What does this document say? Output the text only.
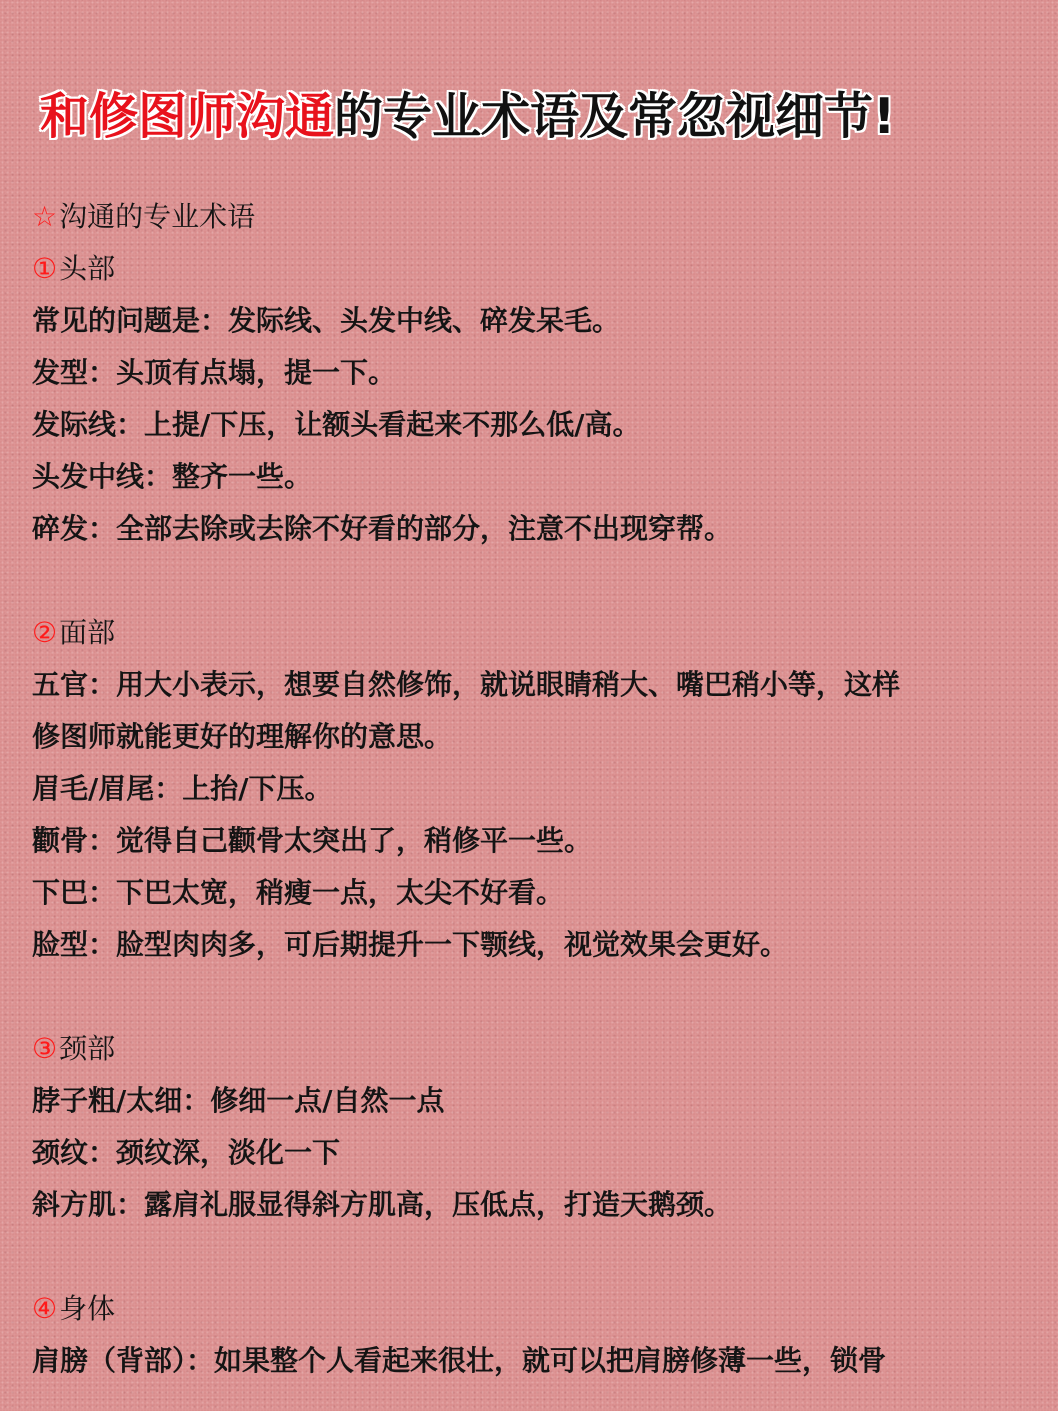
和修图师沟通的专业术语及常忽视细节!
☆沟通的专业术语
①头部
常见的问题是：发际线、头发中线、碎发呆毛。
发型：头顶有点塌，提一下。
发际线：上提/下压，让额头看起来不那么低/高。
头发中线：整齐一些。
碎发：全部去除或去除不好看的部分，注意不出现穿帮。
②面部
五官：用大小表示，想要自然修饰，就说眼睛稍大、嘴巴稍小等，这样
修图师就能更好的理解你的意思。
眉毛/眉尾：上抬/下压。
颧骨：觉得自己颧骨太突出了，稍修平一些。
下巴：下巴太宽，稍瘦一点，太尖不好看。
脸型：脸型肉肉多，可后期提升一下颚线，视觉效果会更好。
③颈部
脖子粗/太细：修细一点/自然一点
颈纹：颈纹深，淡化一下
斜方肌：露肩礼服显得斜方肌高，压低点，打造天鹅颈。
④身体
肩膀（背部）：如果整个人看起来很壮，就可以把肩膀修薄一些，锁骨
